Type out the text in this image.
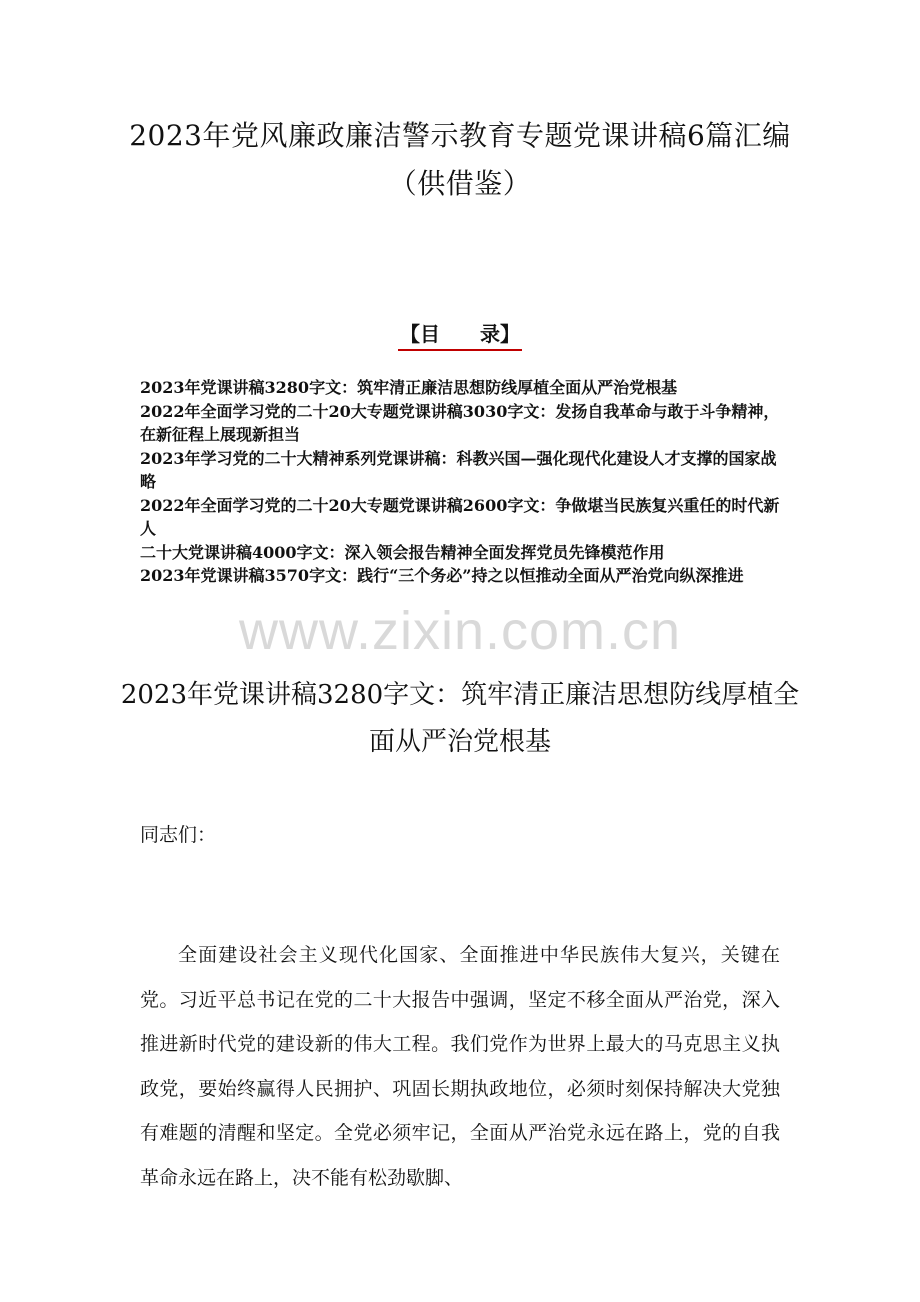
2023年党风廉政廉洁警示教育专题党课讲稿6篇汇编（供借鉴）
【目　　录】

2023年党课讲稿3280字文：筑牢清正廉洁思想防线厚植全面从严治党根基

2022年全面学习党的二十20大专题党课讲稿3030字文：发扬自我革命与敢于斗争精神，在新征程上展现新担当

2023年学习党的二十大精神系列党课讲稿：科教兴国—强化现代化建设人才支撑的国家战略

2022年全面学习党的二十20大专题党课讲稿2600字文：争做堪当民族复兴重任的时代新人

二十大党课讲稿4000字文：深入领会报告精神全面发挥党员先锋模范作用

2023年党课讲稿3570字文：践行“三个务必”持之以恒推动全面从严治党向纵深推进

www.zixin.com.cn
2023年党课讲稿3280字文：筑牢清正廉洁思想防线厚植全面从严治党根基
同志们：

全面建设社会主义现代化国家、全面推进中华民族伟大复兴，关键在党。习近平总书记在党的二十大报告中强调，坚定不移全面从严治党，深入推进新时代党的建设新的伟大工程。我们党作为世界上最大的马克思主义执政党，要始终赢得人民拥护、巩固长期执政地位，必须时刻保持解决大党独有难题的清醒和坚定。全党必须牢记，全面从严治党永远在路上，党的自我革命永远在路上，决不能有松劲歇脚、
